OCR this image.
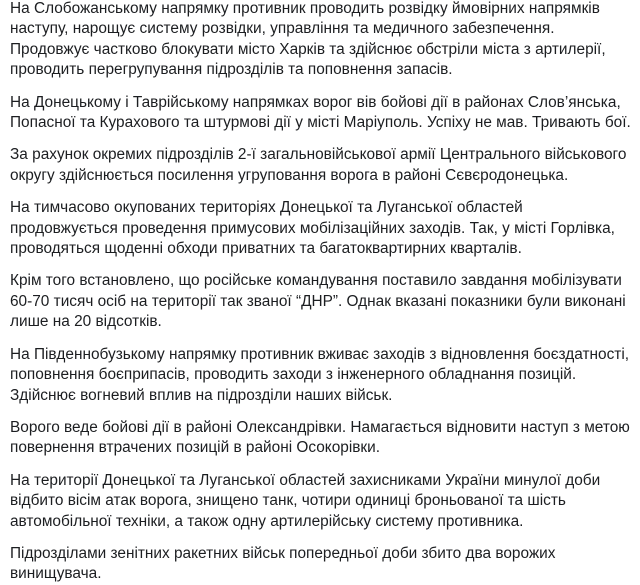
На Слобожанському напрямку противник проводить розвідку ймовірних напрямків наступу, нарощує систему розвідки, управління та медичного забезпечення. Продовжує частково блокувати місто Харків та здійснює обстріли міста з артилерії, проводить перегрупування підрозділів та поповнення запасів.

На Донецькому і Таврійському напрямках ворог вів бойові дії в районах Слов’янська, Попасної та Курахового та штурмові дії у місті Маріуполь. Успіху не мав. Тривають бої.

За рахунок окремих підрозділів 2-ї загальновійськової армії Центрального військового округу здійснюється посилення угруповання ворога в районі Сєвєродонецька.

На тимчасово окупованих територіях Донецької та Луганської областей продовжується проведення примусових мобілізаційних заходів. Так, у місті Горлівка, проводяться щоденні обходи приватних та багатоквартирних кварталів.

Крім того встановлено, що російське командування поставило завдання мобілізувати 60-70 тисяч осіб на території так званої “ДНР”. Однак вказані показники були виконані лише на 20 відсотків.

На Південнобузькому напрямку противник вживає заходів з відновлення боєздатності, поповнення боєприпасів, проводить заходи з інженерного обладнання позицій. Здійснює вогневий вплив на підрозділи наших військ.

Ворого веде бойові дії в районі Олександрівки. Намагається відновити наступ з метою повернення втрачених позицій в районі Осокорівки.

На території Донецької та Луганської областей захисниками України минулої доби відбито вісім атак ворога, знищено танк, чотири одиниці броньованої та шість автомобільної техніки, а також одну артилерійську систему противника.

Підрозділами зенітних ракетних військ попередньої доби збито два ворожих винищувача.
